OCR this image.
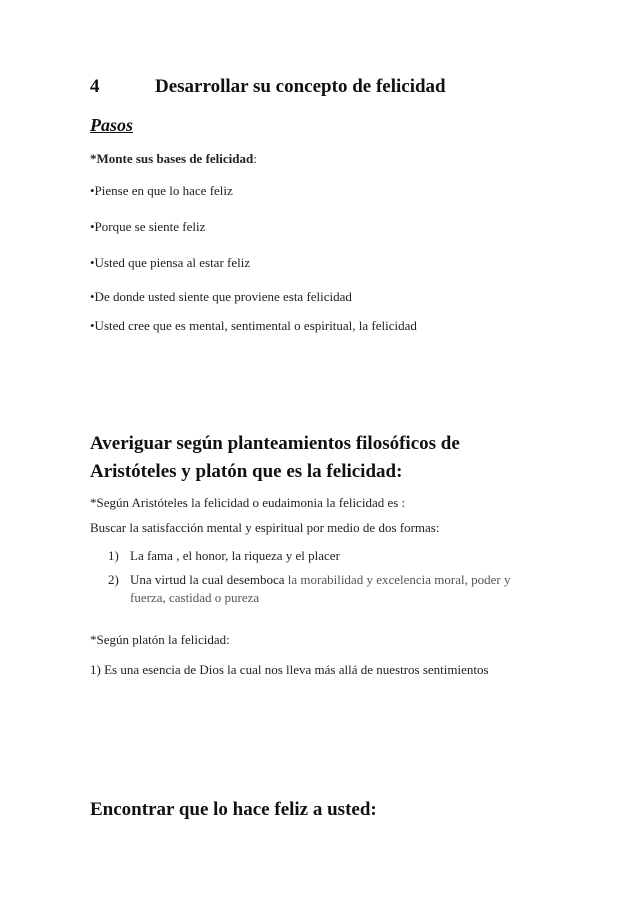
4	Desarrollar su concepto de felicidad
Pasos
*Monte sus bases de felicidad:
•Piense en que lo hace feliz
•Porque se siente feliz
•Usted que piensa al estar feliz
•De donde usted siente que proviene esta felicidad
•Usted cree que es mental, sentimental o espiritual, la felicidad
Averiguar según planteamientos filosóficos de
Aristóteles y platón que es la felicidad:
*Según Aristóteles la felicidad o eudaimonia la felicidad es :
Buscar la satisfacción mental y espiritual por medio de dos formas:
1) La fama , el honor, la riqueza y el placer
2) Una virtud la cual desemboca la morabilidad y excelencia moral, poder y
fuerza, castidad o pureza
*Según platón la felicidad:
1) Es una esencia de Dios la cual nos lleva más allá de nuestros sentimientos
Encontrar que lo hace feliz a usted:
